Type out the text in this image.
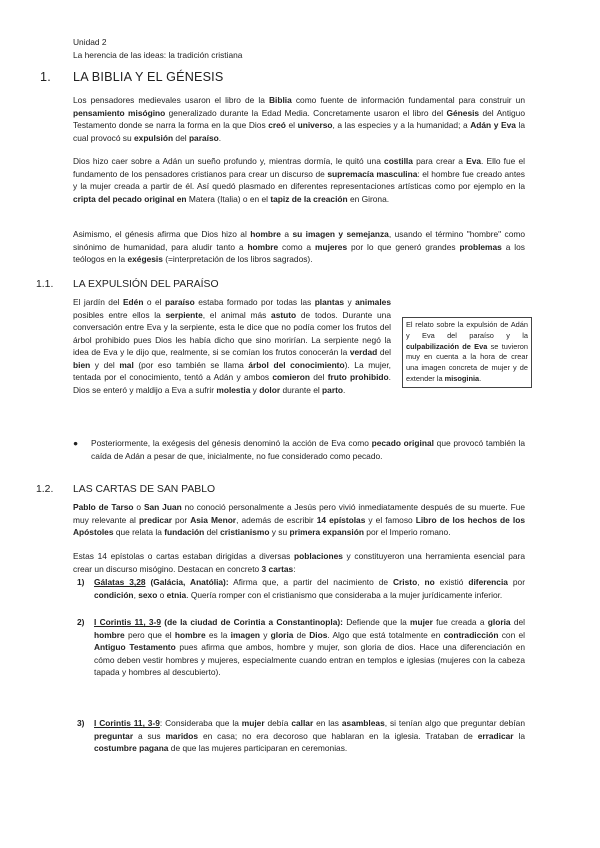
Unidad 2
La herencia de las ideas: la tradición cristiana
1. LA BIBLIA Y EL GÉNESIS

Los pensadores medievales usaron el libro de la Biblia como fuente de información fundamental para construir un pensamiento misógino generalizado durante la Edad Media. Concretamente usaron el libro del Génesis del Antiguo Testamento donde se narra la forma en la que Dios creó el universo, a las especies y a la humanidad; a Adán y Eva la cual provocó su expulsión del paraíso.

Dios hizo caer sobre a Adán un sueño profundo y, mientras dormía, le quitó una costilla para crear a Eva. Ello fue el fundamento de los pensadores cristianos para crear un discurso de supremacía masculina: el hombre fue creado antes y la mujer creada a partir de él. Así quedó plasmado en diferentes representaciones artísticas como por ejemplo en la cripta del pecado original en Matera (Italia) o en el tapiz de la creación en Girona.

Asimismo, el génesis afirma que Dios hizo al hombre a su imagen y semejanza, usando el término "hombre" como sinónimo de humanidad, para aludir tanto a hombre como a mujeres por lo que generó grandes problemas a los teólogos en la exégesis (=interpretación de los libros sagrados).

1.1. LA EXPULSIÓN DEL PARAÍSO

El jardín del Edén o el paraíso estaba formado por todas las plantas y animales posibles entre ellos la serpiente, el animal más astuto de todos. Durante una conversación entre Eva y la serpiente, esta le dice que no podía comer los frutos del árbol prohibido pues Dios les había dicho que sino morirían. La serpiente negó la idea de Eva y le dijo que, realmente, si se comían los frutos conocerán la verdad del bien y del mal (por eso también se llama árbol del conocimiento). La mujer, tentada por el conocimiento, tentó a Adán y ambos comieron del fruto prohibido. Dios se enteró y maldijo a Eva a sufrir molestia y dolor durante el parto.

El relato sobre la expulsión de Adán y Eva del paraíso y la culpabilización de Eva se tuvieron muy en cuenta a la hora de crear una imagen concreta de mujer y de extender la misoginia.
● Posteriormente, la exégesis del génesis denominó la acción de Eva como pecado original que provocó también la caída de Adán a pesar de que, inicialmente, no fue considerado como pecado.
1.2. LAS CARTAS DE SAN PABLO

Pablo de Tarso o San Juan no conoció personalmente a Jesús pero vivió inmediatamente después de su muerte. Fue muy relevante al predicar por Asia Menor, además de escribir 14 epístolas y el famoso Libro de los hechos de los Apóstoles que relata la fundación del cristianismo y su primera expansión por el Imperio romano.

Estas 14 epístolas o cartas estaban dirigidas a diversas poblaciones y constituyeron una herramienta esencial para crear un discurso misógino. Destacan en concreto 3 cartas:

1) Gálatas 3,28 (Galácia, Anatólia): Afirma que, a partir del nacimiento de Cristo, no existió diferencia por condición, sexo o etnia. Quería romper con el cristianismo que consideraba a la mujer jurídicamente inferior.
2) I Corintis 11, 3-9 (de la ciudad de Corintia a Constantinopla): Defiende que la mujer fue creada a gloria del hombre pero que el hombre es la imagen y gloria de Dios. Algo que está totalmente en contradicción con el Antiguo Testamento pues afirma que ambos, hombre y mujer, son gloria de dios. Hace una diferenciación en cómo deben vestir hombres y mujeres, especialmente cuando entran en templos e iglesias (mujeres con la cabeza tapada y hombres al descubierto).
3) I Corintis 11, 3-9: Consideraba que la mujer debía callar en las asambleas, si tenían algo que preguntar debían preguntar a sus maridos en casa; no era decoroso que hablaran en la iglesia. Trataban de erradicar la costumbre pagana de que las mujeres participaran en ceremonias.
